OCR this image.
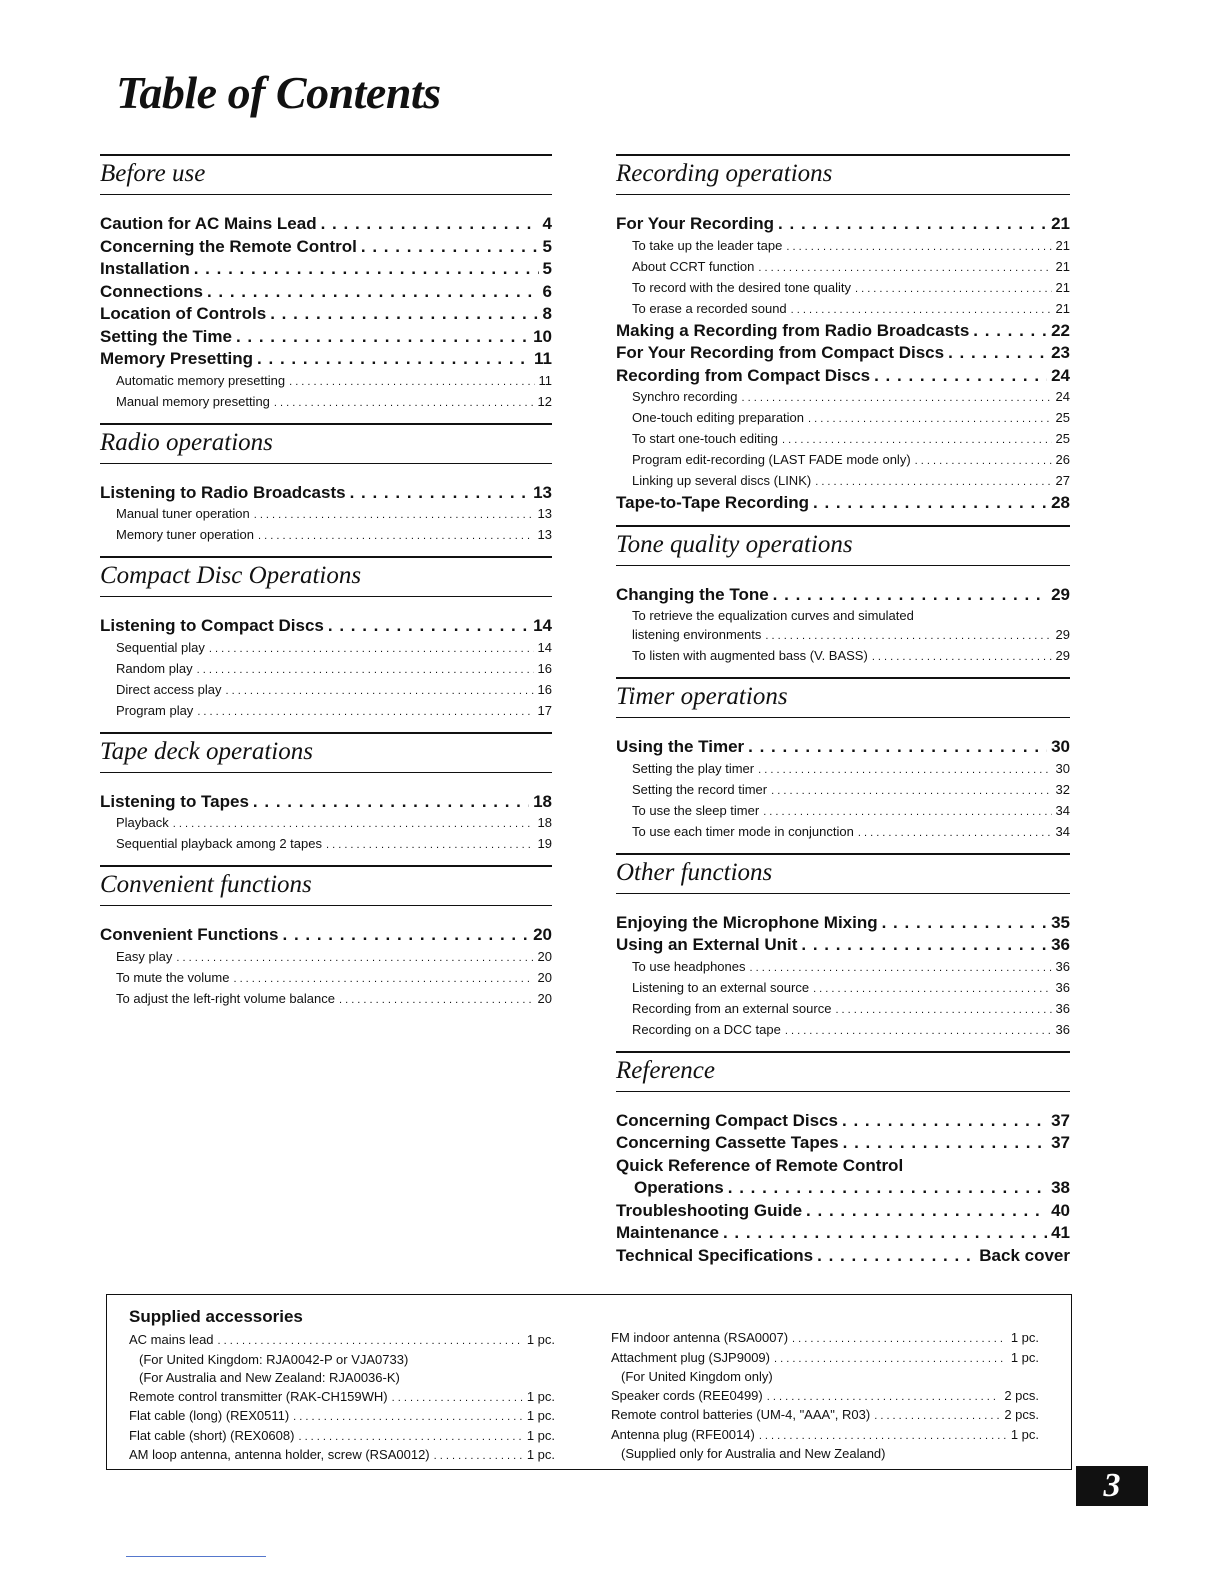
Table of Contents
Before use
Caution for AC Mains Lead . . .	4
Concerning the Remote Control . . .	5
Installation . . .	5
Connections . . .	6
Location of Controls . . .	8
Setting the Time . . .	10
Memory Presetting . . .	11
Automatic memory presetting . . .	11
Manual memory presetting . . .	12
Radio operations
Listening to Radio Broadcasts . . .	13
Manual tuner operation . . .	13
Memory tuner operation . . .	13
Compact Disc Operations
Listening to Compact Discs . . .	14
Sequential play . . .	14
Random play . . .	16
Direct access play . . .	16
Program play . . .	17
Tape deck operations
Listening to Tapes . . .	18
Playback . . .	18
Sequential playback among 2 tapes . . .	19
Convenient functions
Convenient Functions . . .	20
Easy play . . .	20
To mute the volume . . .	20
To adjust the left-right volume balance . . .	20
Recording operations
For Your Recording . . .	21
To take up the leader tape . . .	21
About CCRT function . . .	21
To record with the desired tone quality . . .	21
To erase a recorded sound . . .	21
Making a Recording from Radio Broadcasts . . .	22
For Your Recording from Compact Discs . . .	23
Recording from Compact Discs . . .	24
Synchro recording . . .	24
One-touch editing preparation . . .	25
To start one-touch editing . . .	25
Program edit-recording (LAST FADE mode only) . . .	26
Linking up several discs (LINK) . . .	27
Tape-to-Tape Recording . . .	28
Tone quality operations
Changing the Tone . . .	29
To retrieve the equalization curves and simulated
listening environments . . .	29
To listen with augmented bass (V. BASS) . . .	29
Timer operations
Using the Timer . . .	30
Setting the play timer . . .	30
Setting the record timer . . .	32
To use the sleep timer . . .	34
To use each timer mode in conjunction . . .	34
Other functions
Enjoying the Microphone Mixing . . .	35
Using an External Unit . . .	36
To use headphones . . .	36
Listening to an external source . . .	36
Recording from an external source . . .	36
Recording on a DCC tape . . .	36
Reference
Concerning Compact Discs . . .	37
Concerning Cassette Tapes . . .	37
Quick Reference of Remote Control
Operations . . .	38
Troubleshooting Guide . . .	40
Maintenance . . .	41
Technical Specifications . . .	Back cover
Supplied accessories
AC mains lead . . .	1 pc.
(For United Kingdom: RJA0042-P or VJA0733)
(For Australia and New Zealand: RJA0036-K)
Remote control transmitter (RAK-CH159WH) . . .	1 pc.
Flat cable (long) (REX0511) . . .	1 pc.
Flat cable (short) (REX0608) . . .	1 pc.
AM loop antenna, antenna holder, screw (RSA0012) . . .	1 pc.
FM indoor antenna (RSA0007) . . .	1 pc.
Attachment plug (SJP9009) . . .	1 pc.
(For United Kingdom only)
Speaker cords (REE0499) . . .	2 pcs.
Remote control batteries (UM-4, "AAA", R03) . . .	2 pcs.
Antenna plug (RFE0014) . . .	1 pc.
(Supplied only for Australia and New Zealand)
3
